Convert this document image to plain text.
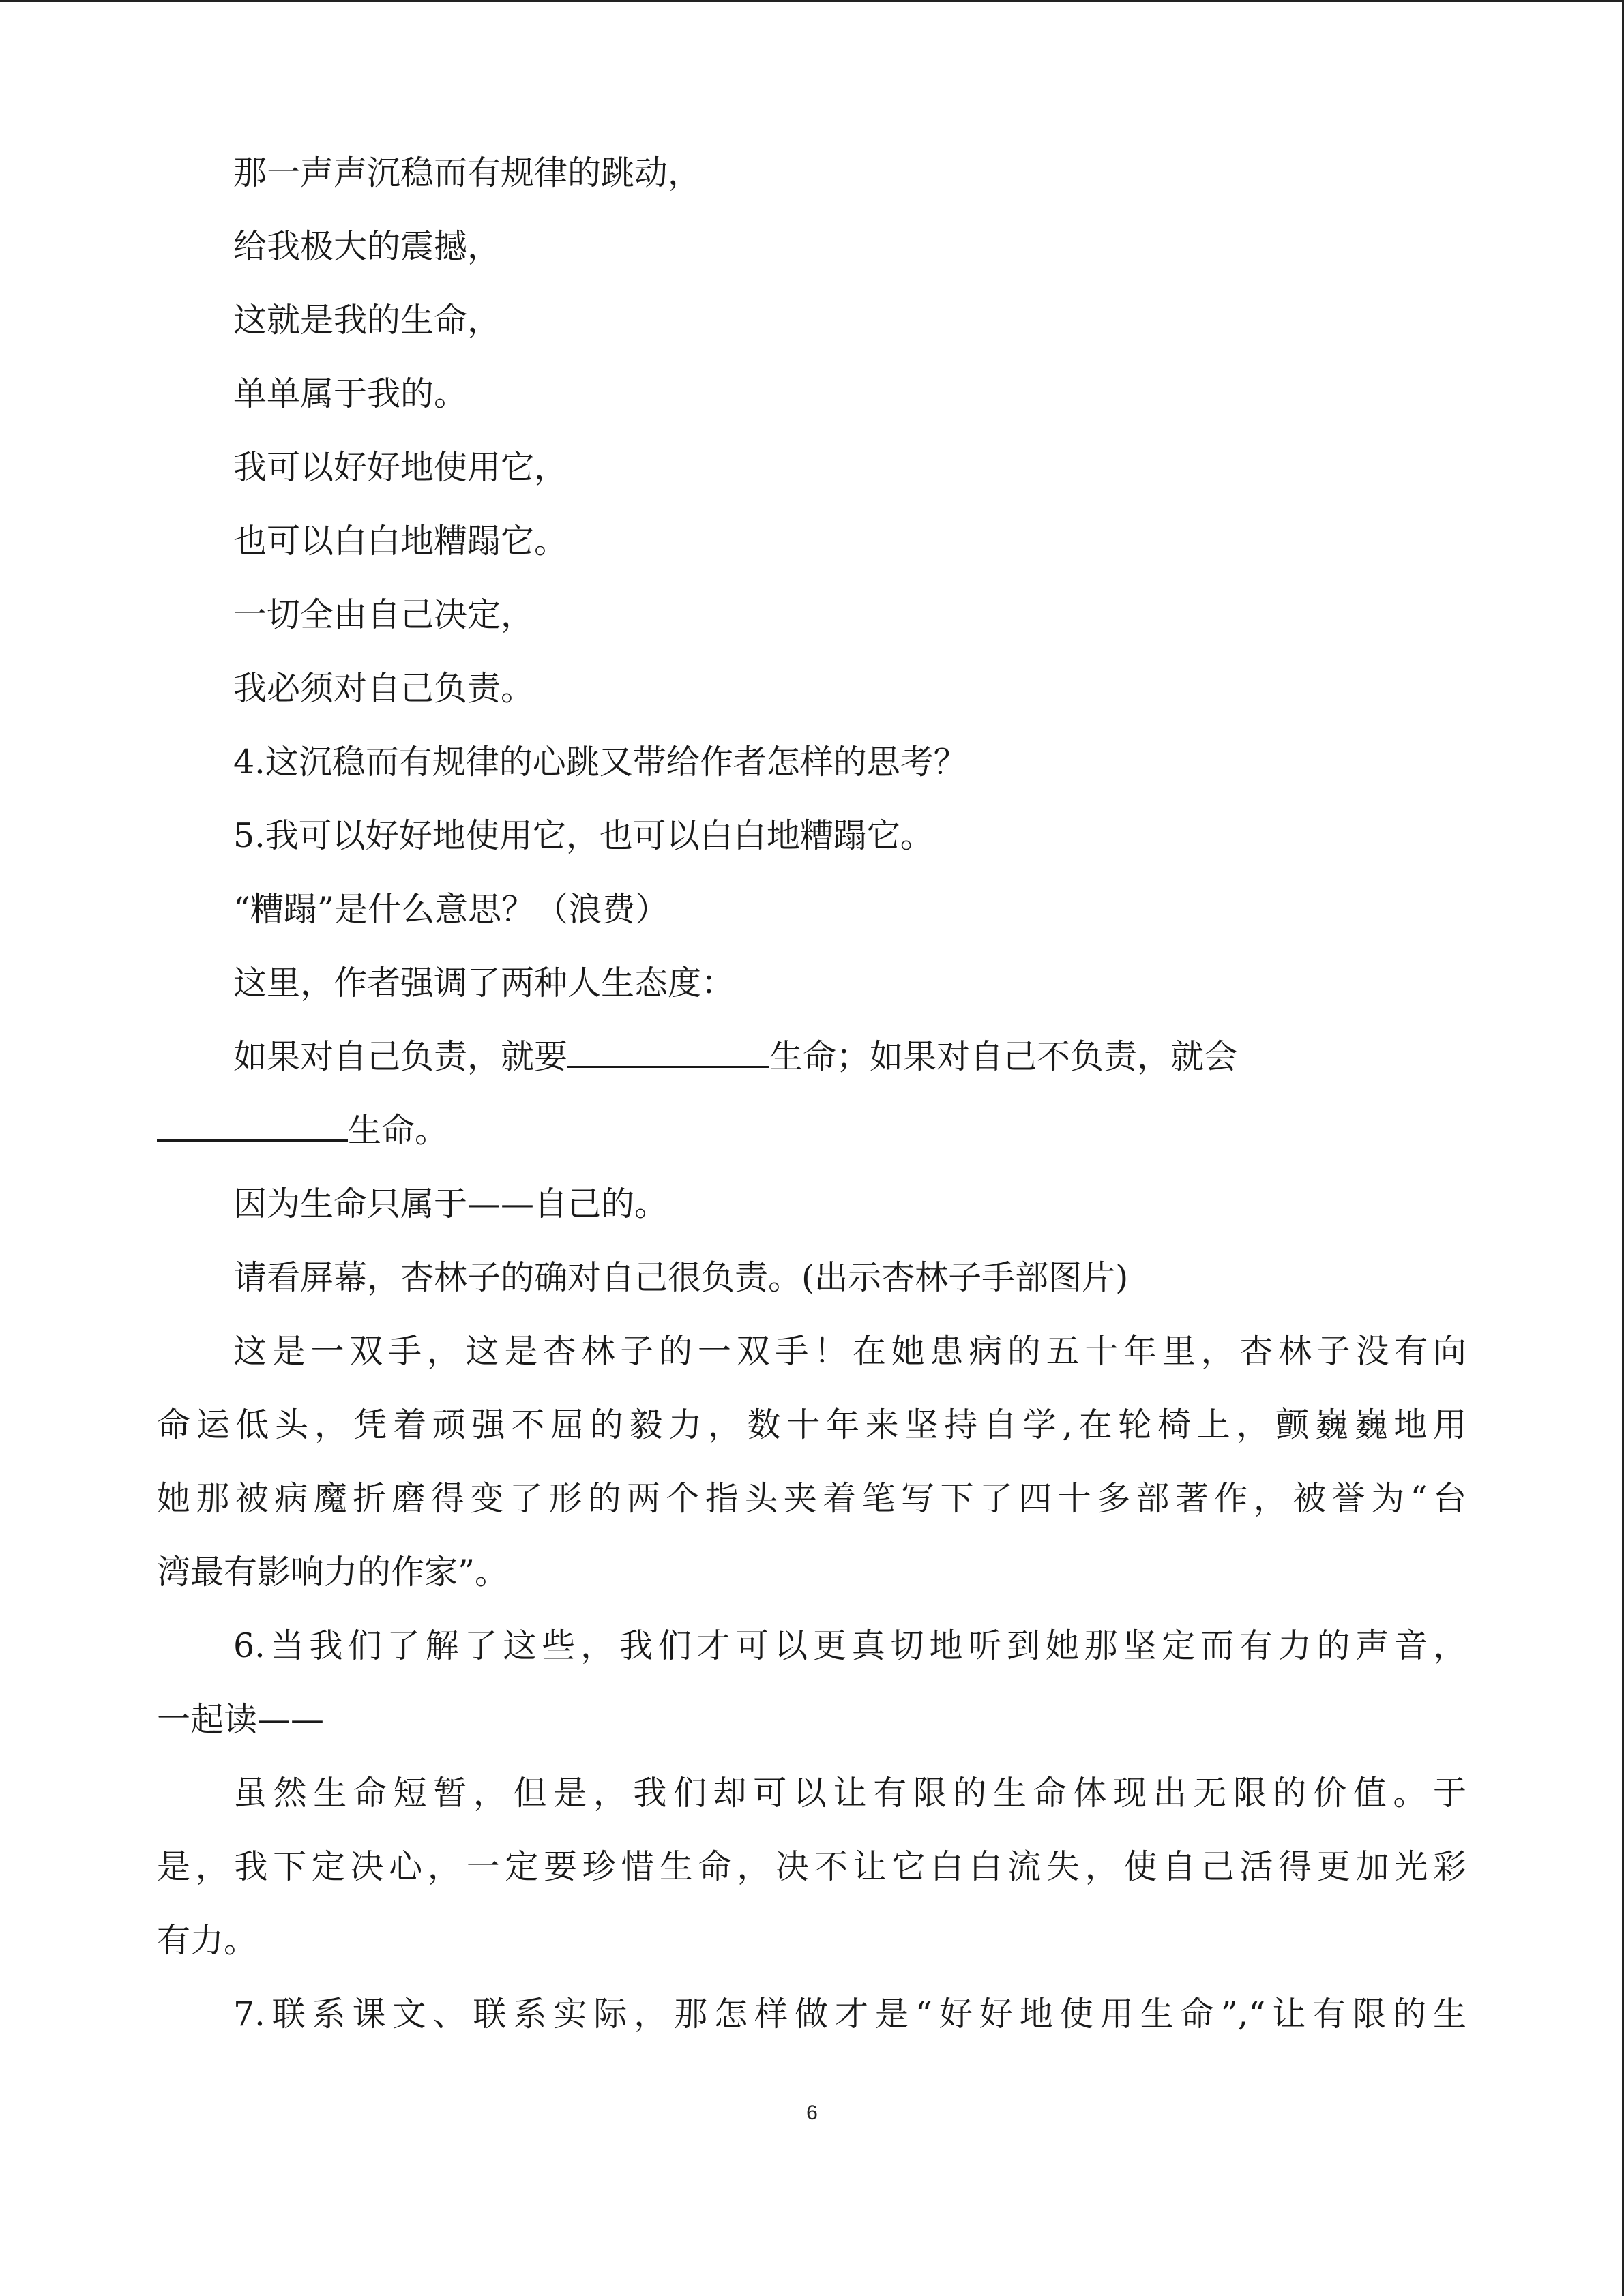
那一声声沉稳而有规律的跳动，
给我极大的震撼，
这就是我的生命，
单单属于我的。
我可以好好地使用它，
也可以白白地糟蹋它。
一切全由自己决定，
我必须对自己负责。
4.这沉稳而有规律的心跳又带给作者怎样的思考？
5.我可以好好地使用它，也可以白白地糟蹋它。
“糟蹋”是什么意思？（浪费）
这里，作者强调了两种人生态度：
如果对自己负责，就要	生命；如果对自己不负责，就会
生命。
因为生命只属于——自己的。
请看屏幕，杏林子的确对自己很负责。(出示杏林子手部图片)
这是一双手，这是杏林子的一双手！在她患病的五十年里，杏林子没有向
命运低头，凭着顽强不屈的毅力，数十年来坚持自学,在轮椅上，颤巍巍地用
她那被病魔折磨得变了形的两个指头夹着笔写下了四十多部著作，被誉为“台
湾最有影响力的作家”。
6.当我们了解了这些，我们才可以更真切地听到她那坚定而有力的声音，
一起读——
虽然生命短暂，但是，我们却可以让有限的生命体现出无限的价值。于
是，我下定决心，一定要珍惜生命，决不让它白白流失，使自己活得更加光彩
有力。
7.联系课文、联系实际，那怎样做才是“好好地使用生命”,“让有限的生
6
